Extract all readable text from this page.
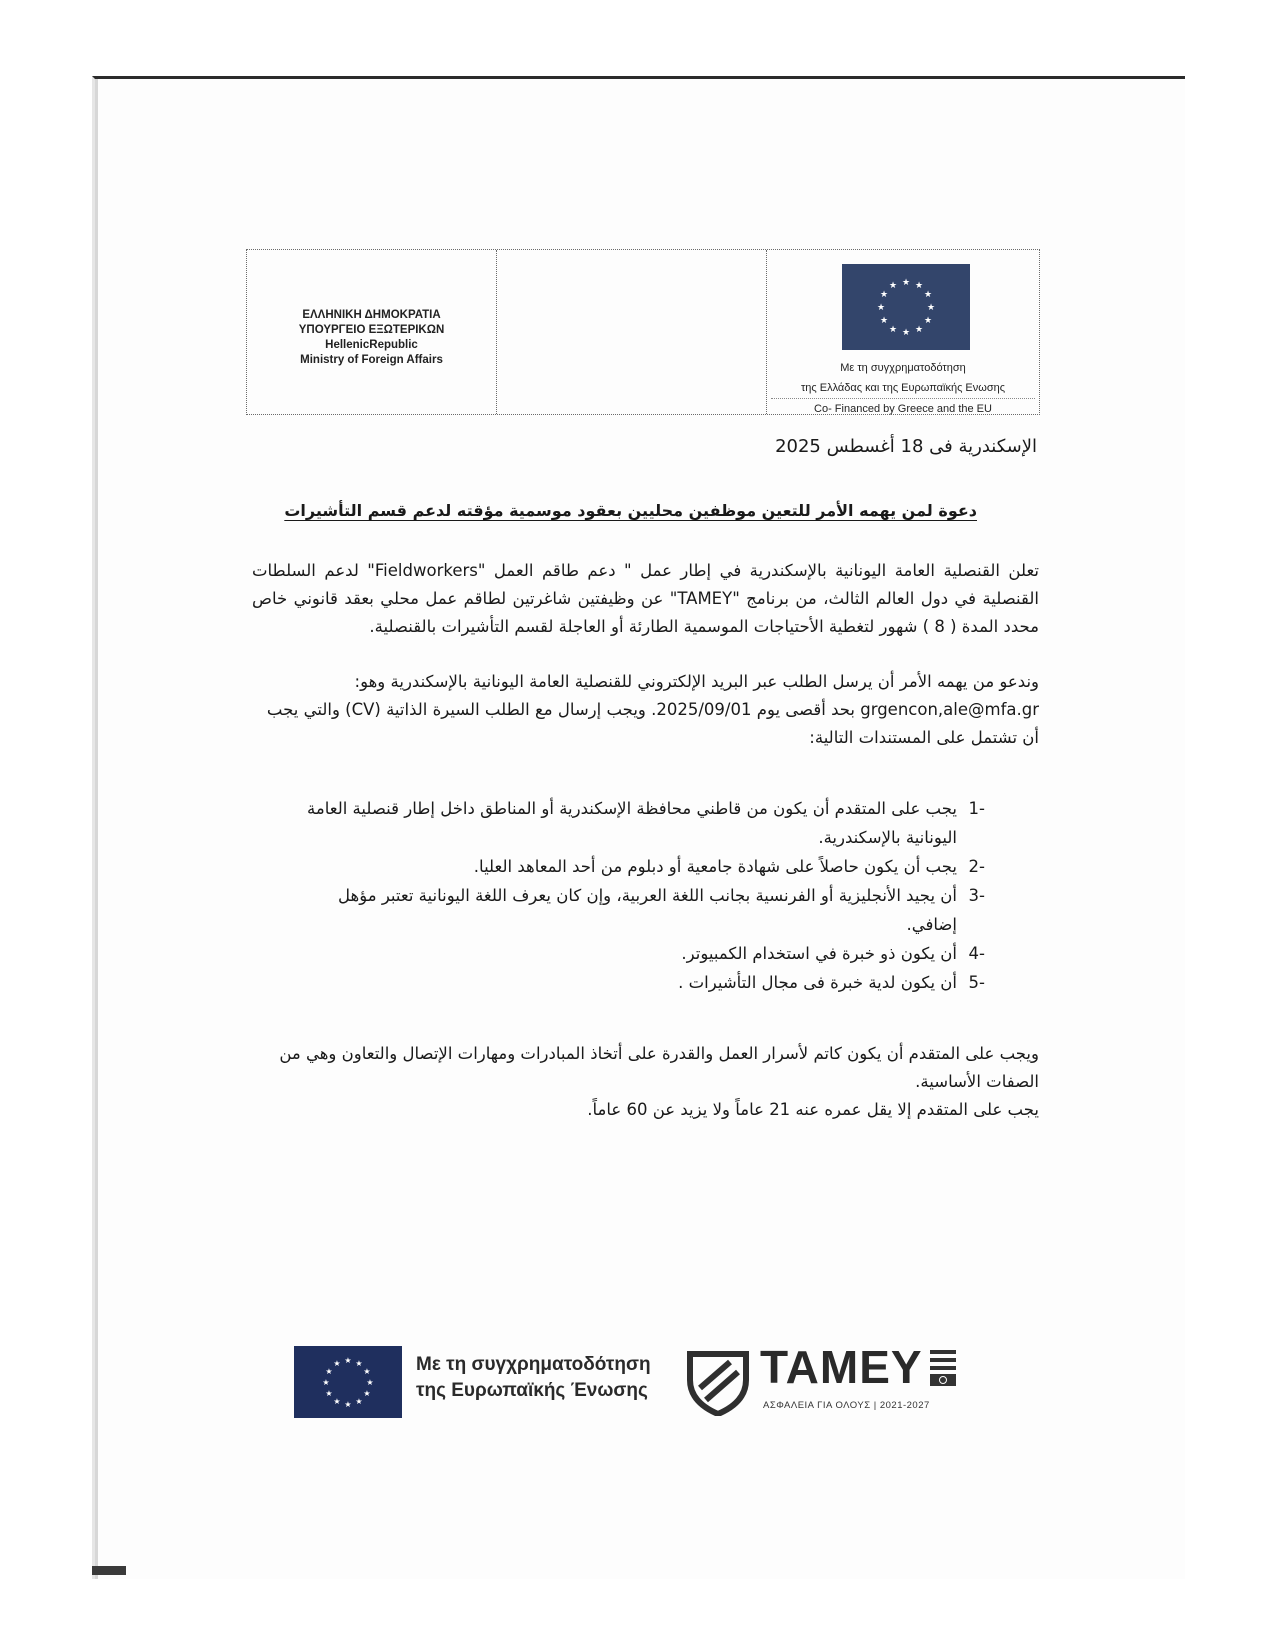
ΕΛΛΗΝΙΚΗ ΔΗΜΟΚΡΑΤΙΑ
ΥΠΟΥΡΓΕΙΟ ΕΞΩΤΕΡΙΚΩΝ
HellenicRepublic
Ministry of Foreign Affairs
★ ★
★
★
★
★
★
★
★
★
★
★
Με τη συγχρηματοδότηση
της Ελλάδας και της Ευρωπαϊκής Ενωσης
Co- Financed by Greece and the EU
الإسكندرية فى 18 أغسطس 2025
دعوة لمن يهمه الأمر للتعين موظفين محليين بعقود موسمية مؤقته لدعم قسم التأشيرات
تعلن القنصلية العامة اليونانية بالإسكندرية في إطار عمل " دعم طاقم العمل "Fieldworkers" لدعم السلطات القنصلية في دول العالم الثالث، من برنامج "TAMEY" عن وظيفتين شاغرتين لطاقم عمل محلي بعقد قانوني خاص محدد المدة ( 8 ) شهور لتغطية الأحتياجات الموسمية الطارئة أو العاجلة لقسم التأشيرات بالقنصلية.
وندعو من يهمه الأمر أن يرسل الطلب عبر البريد الإلكتروني للقنصلية العامة اليونانية بالإسكندرية وهو: grgencon,ale@mfa.gr بحد أقصى يوم 2025/09/01. ويجب إرسال مع الطلب السيرة الذاتية (CV) والتي يجب أن تشتمل على المستندات التالية:
-1
يجب على المتقدم أن يكون من قاطني محافظة الإسكندرية أو المناطق داخل إطار قنصلية العامة اليونانية بالإسكندرية.
-2
يجب أن يكون حاصلاً على شهادة جامعية أو دبلوم من أحد المعاهد العليا.
-3
أن يجيد الأنجليزية أو الفرنسية بجانب اللغة العربية، وإن كان يعرف اللغة اليونانية تعتبر مؤهل إضافي.
-4
أن يكون ذو خبرة في استخدام الكمبيوتر.
-5
أن يكون لدية خبرة فى مجال التأشيرات .
ويجب على المتقدم أن يكون كاتم لأسرار العمل والقدرة على أتخاذ المبادرات ومهارات الإتصال والتعاون وهي من الصفات الأساسية.
يجب على المتقدم إلا يقل عمره عنه 21 عاماً ولا يزيد عن 60 عاماً.
★ ★
★
★
★
★
★
★
★
★
★
★	Με τη συγχρηματοδότηση
της Ευρωπαϊκής Ένωσης TAMEY
ΑΣΦΑΛΕΙΑ ΓΙΑ ΟΛΟΥΣ | 2021-2027
